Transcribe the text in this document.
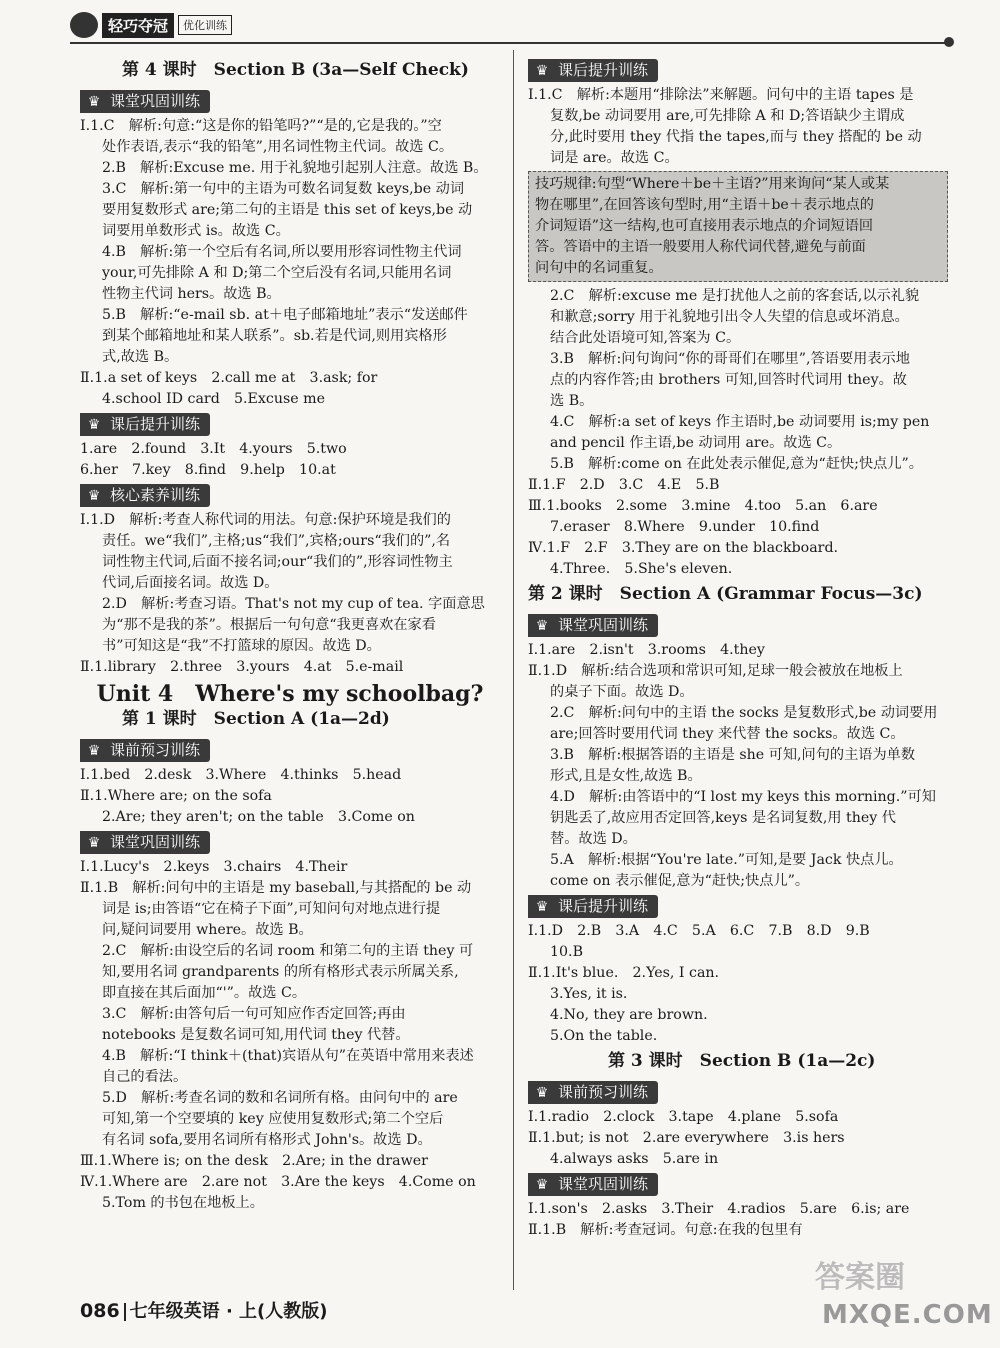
轻巧夺冠	优化训练
第 4 课时　Section B (3a—Self Check)
♛ 课堂巩固训练
Ⅰ.1.C　解析:句意:“这是你的铅笔吗?”“是的,它是我的。”空
处作表语,表示“我的铅笔”,用名词性物主代词。故选 C。
2.B　解析:Excuse me. 用于礼貌地引起别人注意。故选 B。
3.C　解析:第一句中的主语为可数名词复数 keys,be 动词
要用复数形式 are;第二句的主语是 this set of keys,be 动
词要用单数形式 is。故选 C。
4.B　解析:第一个空后有名词,所以要用形容词性物主代词
your,可先排除 A 和 D;第二个空后没有名词,只能用名词
性物主代词 hers。故选 B。
5.B　解析:“e-mail sb. at＋电子邮箱地址”表示“发送邮件
到某个邮箱地址和某人联系”。sb.若是代词,则用宾格形
式,故选 B。
Ⅱ.1.a set of keys　2.call me at　3.ask; for
4.school ID card　5.Excuse me
♛ 课后提升训练
1.are　2.found　3.It　4.yours　5.two
6.her　7.key　8.find　9.help　10.at
♛ 核心素养训练
Ⅰ.1.D　解析:考查人称代词的用法。句意:保护环境是我们的
责任。we“我们”,主格;us“我们”,宾格;ours“我们的”,名
词性物主代词,后面不接名词;our“我们的”,形容词性物主
代词,后面接名词。故选 D。
2.D　解析:考查习语。That's not my cup of tea. 字面意思
为“那不是我的茶”。根据后一句句意“我更喜欢在家看
书”可知这是“我”不打篮球的原因。故选 D。
Ⅱ.1.library　2.three　3.yours　4.at　5.e-mail
Unit 4　Where's my schoolbag?
第 1 课时　Section A (1a—2d)
♛ 课前预习训练
Ⅰ.1.bed　2.desk　3.Where　4.thinks　5.head
Ⅱ.1.Where are; on the sofa
2.Are; they aren't; on the table　3.Come on
♛ 课堂巩固训练
Ⅰ.1.Lucy's　2.keys　3.chairs　4.Their
Ⅱ.1.B　解析:问句中的主语是 my baseball,与其搭配的 be 动
词是 is;由答语“它在椅子下面”,可知问句对地点进行提
问,疑问词要用 where。故选 B。
2.C　解析:由设空后的名词 room 和第二句的主语 they 可
知,要用名词 grandparents 的所有格形式表示所属关系,
即直接在其后面加“'”。故选 C。
3.C　解析:由答句后一句可知应作否定回答;再由
notebooks 是复数名词可知,用代词 they 代替。
4.B　解析:“I think＋(that)宾语从句”在英语中常用来表述
自己的看法。
5.D　解析:考查名词的数和名词所有格。由问句中的 are
可知,第一个空要填的 key 应使用复数形式;第二个空后
有名词 sofa,要用名词所有格形式 John's。故选 D。
Ⅲ.1.Where is; on the desk　2.Are; in the drawer
Ⅳ.1.Where are　2.are not　3.Are the keys　4.Come on
5.Tom 的书包在地板上。
♛ 课后提升训练
Ⅰ.1.C　解析:本题用“排除法”来解题。问句中的主语 tapes 是
复数,be 动词要用 are,可先排除 A 和 D;答语缺少主谓成
分,此时要用 they 代指 the tapes,而与 they 搭配的 be 动
词是 are。故选 C。
技巧规律:句型“Where＋be＋主语?”用来询问“某人或某
物在哪里”,在回答该句型时,用“主语＋be＋表示地点的
介词短语”这一结构,也可直接用表示地点的介词短语回
答。答语中的主语一般要用人称代词代替,避免与前面
问句中的名词重复。
2.C　解析:excuse me 是打扰他人之前的客套话,以示礼貌
和歉意;sorry 用于礼貌地引出令人失望的信息或坏消息。
结合此处语境可知,答案为 C。
3.B　解析:问句询问“你的哥哥们在哪里”,答语要用表示地
点的内容作答;由 brothers 可知,回答时代词用 they。故
选 B。
4.C　解析:a set of keys 作主语时,be 动词要用 is;my pen
and pencil 作主语,be 动词用 are。故选 C。
5.B　解析:come on 在此处表示催促,意为“赶快;快点儿”。
Ⅱ.1.F　2.D　3.C　4.E　5.B
Ⅲ.1.books　2.some　3.mine　4.too　5.an　6.are
7.eraser　8.Where　9.under　10.find
Ⅳ.1.F　2.F　3.They are on the blackboard.
4.Three.　5.She's eleven.
第 2 课时　Section A (Grammar Focus—3c)
♛ 课堂巩固训练
Ⅰ.1.are　2.isn't　3.rooms　4.they
Ⅱ.1.D　解析:结合选项和常识可知,足球一般会被放在地板上
的桌子下面。故选 D。
2.C　解析:问句中的主语 the socks 是复数形式,be 动词要用
are;回答时要用代词 they 来代替 the socks。故选 C。
3.B　解析:根据答语的主语是 she 可知,问句的主语为单数
形式,且是女性,故选 B。
4.D　解析:由答语中的“I lost my keys this morning.”可知
钥匙丢了,故应用否定回答,keys 是名词复数,用 they 代
替。故选 D。
5.A　解析:根据“You're late.”可知,是要 Jack 快点儿。
come on 表示催促,意为“赶快;快点儿”。
♛ 课后提升训练
Ⅰ.1.D　2.B　3.A　4.C　5.A　6.C　7.B　8.D　9.B
10.B
Ⅱ.1.It's blue.　2.Yes, I can.
3.Yes, it is.
4.No, they are brown.
5.On the table.
第 3 课时　Section B (1a—2c)
♛ 课前预习训练
Ⅰ.1.radio　2.clock　3.tape　4.plane　5.sofa
Ⅱ.1.but; is not　2.are everywhere　3.is hers
4.always asks　5.are in
♛ 课堂巩固训练
Ⅰ.1.son's　2.asks　3.Their　4.radios　5.are　6.is; are
Ⅱ.1.B　解析:考查冠词。句意:在我的包里有
086 七年级英语 · 上(人教版)
答案圈
MXQE.COM
